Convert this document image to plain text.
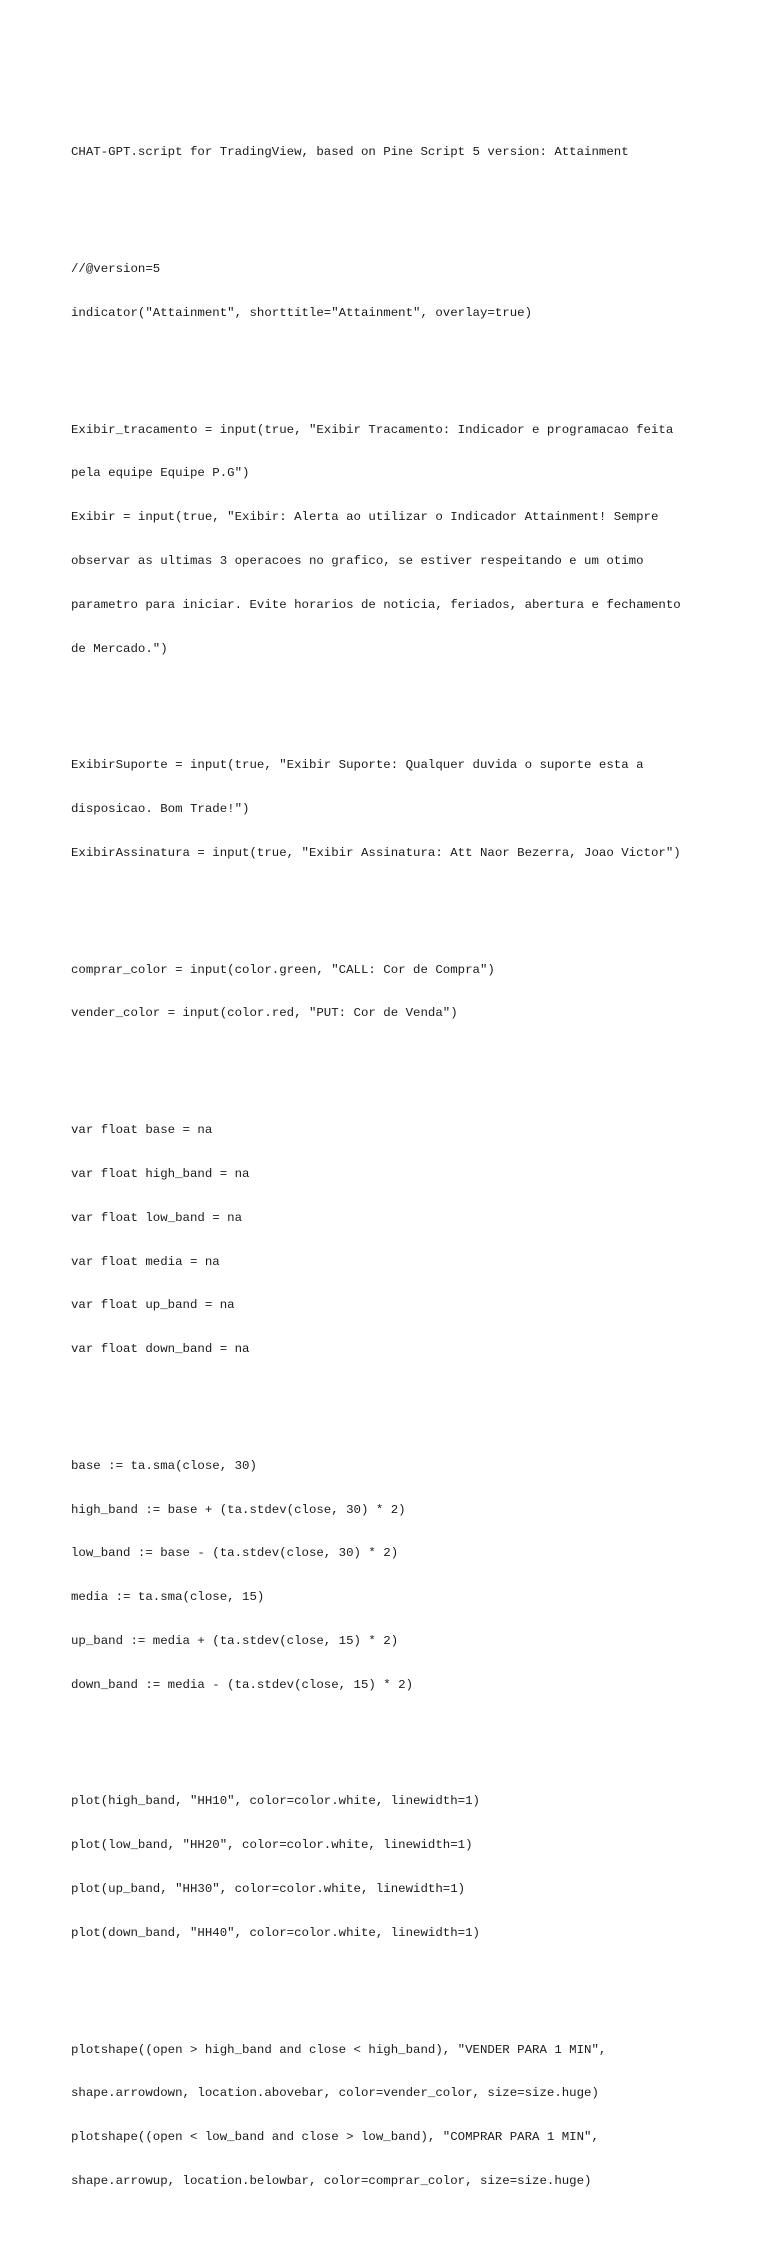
CHAT-GPT.script for TradingView, based on Pine Script 5 version: Attainment

//@version=5

indicator("Attainment", shorttitle="Attainment", overlay=true)

Exibir_tracamento = input(true, "Exibir Tracamento: Indicador e programacao feita

pela equipe Equipe P.G")

Exibir = input(true, "Exibir: Alerta ao utilizar o Indicador Attainment! Sempre

observar as ultimas 3 operacoes no grafico, se estiver respeitando e um otimo

parametro para iniciar. Evite horarios de noticia, feriados, abertura e fechamento

de Mercado.")

ExibirSuporte = input(true, "Exibir Suporte: Qualquer duvida o suporte esta a

disposicao. Bom Trade!")

ExibirAssinatura = input(true, "Exibir Assinatura: Att Naor Bezerra, Joao Victor")

comprar_color = input(color.green, "CALL: Cor de Compra")

vender_color = input(color.red, "PUT: Cor de Venda")

var float base = na

var float high_band = na

var float low_band = na

var float media = na

var float up_band = na

var float down_band = na

base := ta.sma(close, 30)

high_band := base + (ta.stdev(close, 30) * 2)

low_band := base - (ta.stdev(close, 30) * 2)

media := ta.sma(close, 15)

up_band := media + (ta.stdev(close, 15) * 2)

down_band := media - (ta.stdev(close, 15) * 2)

plot(high_band, "HH10", color=color.white, linewidth=1)

plot(low_band, "HH20", color=color.white, linewidth=1)

plot(up_band, "HH30", color=color.white, linewidth=1)

plot(down_band, "HH40", color=color.white, linewidth=1)

plotshape((open > high_band and close < high_band), "VENDER PARA 1 MIN",

shape.arrowdown, location.abovebar, color=vender_color, size=size.huge)

plotshape((open < low_band and close > low_band), "COMPRAR PARA 1 MIN",

shape.arrowup, location.belowbar, color=comprar_color, size=size.huge)
